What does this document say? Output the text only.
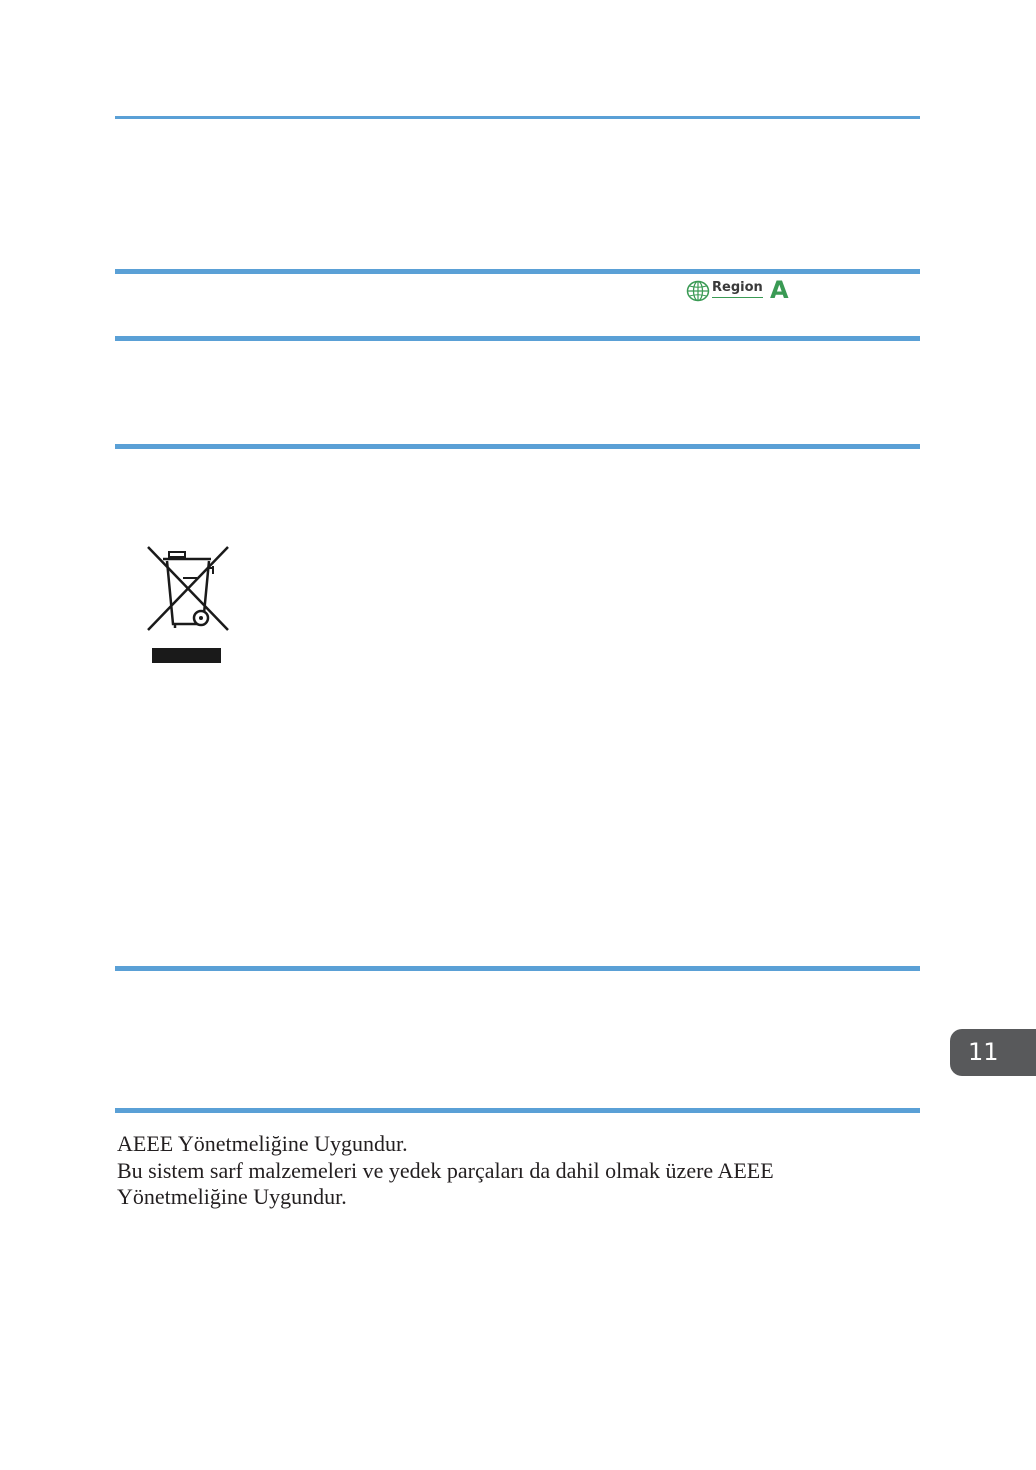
Region A
11

AEEE Yönetmeliğine Uygundur.

Bu sistem sarf malzemeleri ve yedek parçaları da dahil olmak üzere AEEE Yönetmeliğine Uygundur.
